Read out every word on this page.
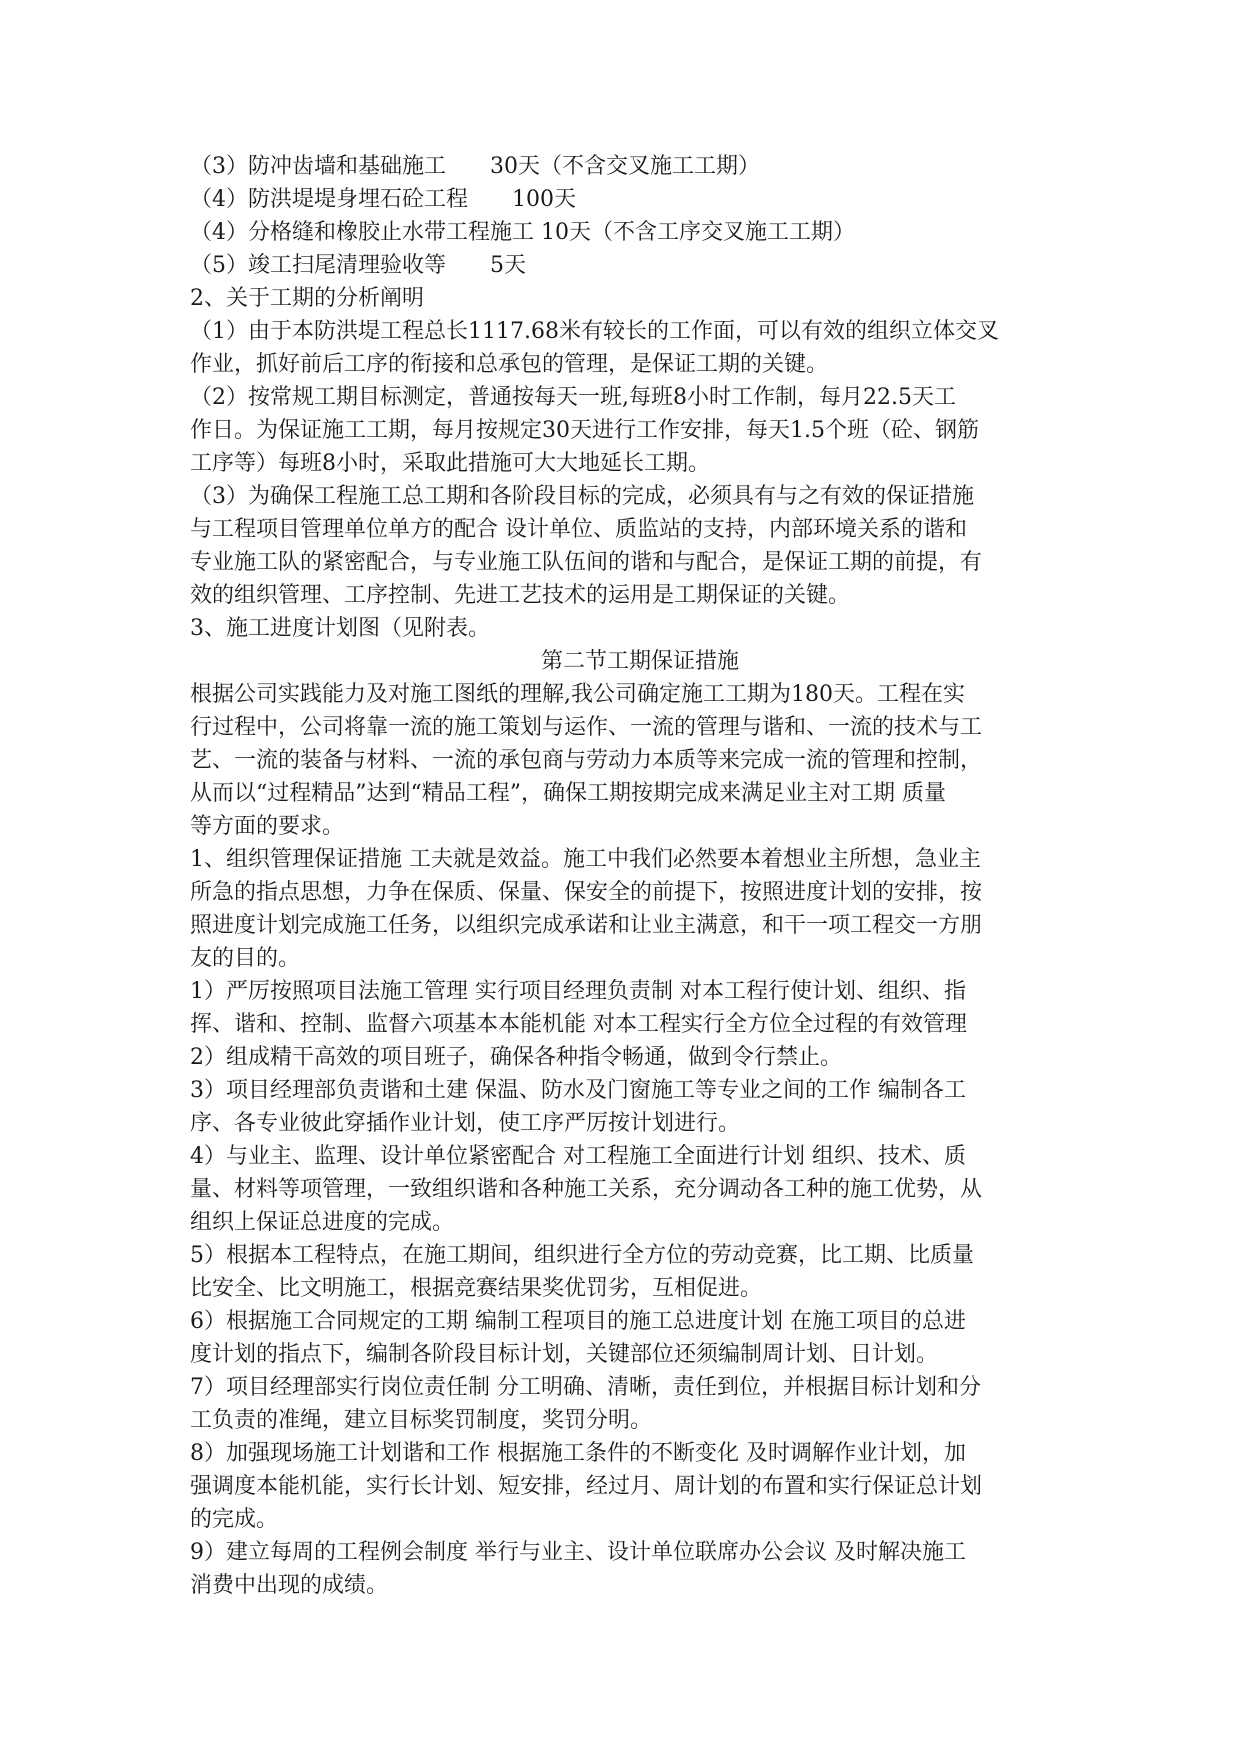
（3）防冲齿墙和基础施工　　30天（不含交叉施工工期）
（4）防洪堤堤身埋石砼工程　　100天
（4）分格缝和橡胶止水带工程施工 10天（不含工序交叉施工工期）
（5）竣工扫尾清理验收等　　5天
2、关于工期的分析阐明
（1）由于本防洪堤工程总长1117.68米有较长的工作面，可以有效的组织立体交叉
作业，抓好前后工序的衔接和总承包的管理，是保证工期的关键。
（2）按常规工期目标测定，普通按每天一班,每班8小时工作制，每月22.5天工
作日。为保证施工工期，每月按规定30天进行工作安排，每天1.5个班（砼、钢筋
工序等）每班8小时，采取此措施可大大地延长工期。
（3）为确保工程施工总工期和各阶段目标的完成，必须具有与之有效的保证措施
与工程项目管理单位单方的配合 设计单位、质监站的支持，内部环境关系的谐和
专业施工队的紧密配合，与专业施工队伍间的谐和与配合，是保证工期的前提，有
效的组织管理、工序控制、先进工艺技术的运用是工期保证的关键。
3、施工进度计划图（见附表。
第二节工期保证措施
根据公司实践能力及对施工图纸的理解,我公司确定施工工期为180天。工程在实
行过程中，公司将靠一流的施工策划与运作、一流的管理与谐和、一流的技术与工
艺、一流的装备与材料、一流的承包商与劳动力本质等来完成一流的管理和控制，
从而以“过程精品”达到“精品工程”，确保工期按期完成来满足业主对工期 质量
等方面的要求。
1、组织管理保证措施 工夫就是效益。施工中我们必然要本着想业主所想，急业主
所急的指点思想，力争在保质、保量、保安全的前提下，按照进度计划的安排，按
照进度计划完成施工任务，以组织完成承诺和让业主满意，和干一项工程交一方朋
友的目的。
1）严厉按照项目法施工管理 实行项目经理负责制 对本工程行使计划、组织、指
挥、谐和、控制、监督六项基本本能机能 对本工程实行全方位全过程的有效管理
2）组成精干高效的项目班子，确保各种指令畅通，做到令行禁止。
3）项目经理部负责谐和土建 保温、防水及门窗施工等专业之间的工作 编制各工
序、各专业彼此穿插作业计划，使工序严厉按计划进行。
4）与业主、监理、设计单位紧密配合 对工程施工全面进行计划 组织、技术、质
量、材料等项管理，一致组织谐和各种施工关系，充分调动各工种的施工优势，从
组织上保证总进度的完成。
5）根据本工程特点，在施工期间，组织进行全方位的劳动竞赛，比工期、比质量
比安全、比文明施工，根据竞赛结果奖优罚劣，互相促进。
6）根据施工合同规定的工期 编制工程项目的施工总进度计划 在施工项目的总进
度计划的指点下，编制各阶段目标计划，关键部位还须编制周计划、日计划。
7）项目经理部实行岗位责任制 分工明确、清晰，责任到位，并根据目标计划和分
工负责的准绳，建立目标奖罚制度，奖罚分明。
8）加强现场施工计划谐和工作 根据施工条件的不断变化 及时调解作业计划，加
强调度本能机能，实行长计划、短安排，经过月、周计划的布置和实行保证总计划
的完成。
9）建立每周的工程例会制度 举行与业主、设计单位联席办公会议 及时解决施工
消费中出现的成绩。
